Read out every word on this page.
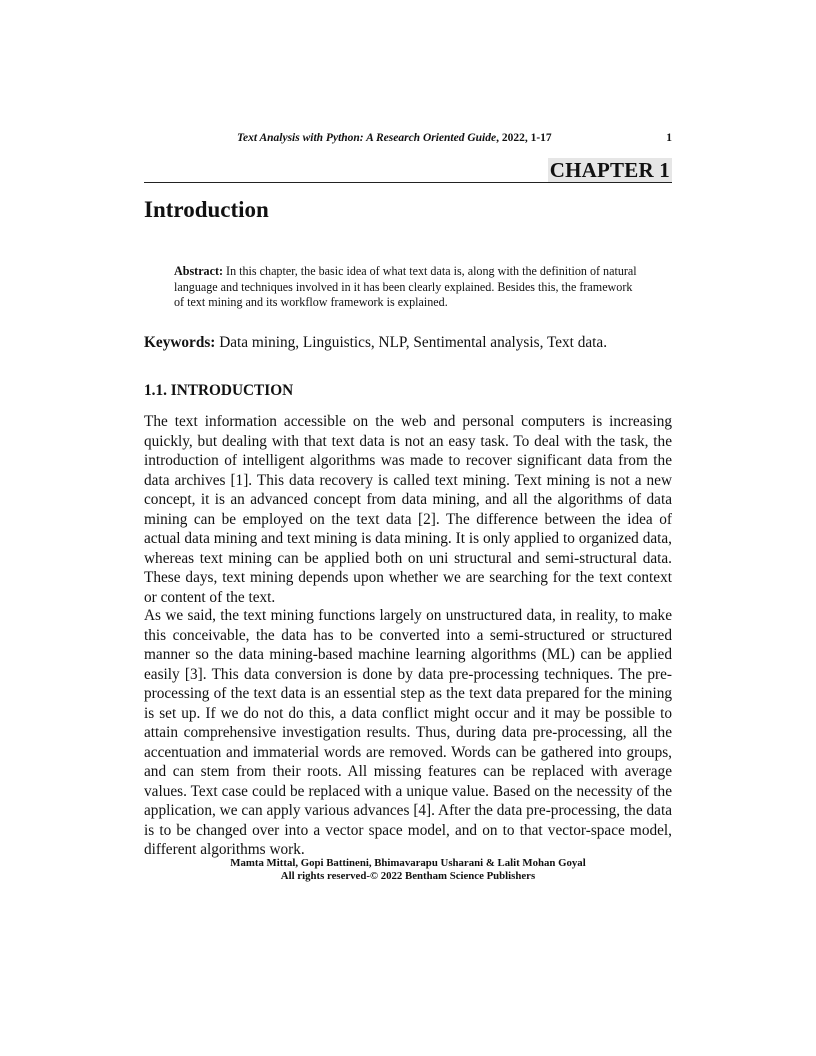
Text Analysis with Python: A Research Oriented Guide, 2022, 1-17	1
CHAPTER 1
Introduction

Abstract: In this chapter, the basic idea of what text data is, along with the definition of natural language and techniques involved in it has been clearly explained. Besides this, the framework of text mining and its workflow framework is explained.

Keywords: Data mining, Linguistics, NLP, Sentimental analysis, Text data.

1.1. INTRODUCTION

The text information accessible on the web and personal computers is increasing quickly, but dealing with that text data is not an easy task. To deal with the task, the introduction of intelligent algorithms was made to recover significant data from the data archives [1]. This data recovery is called text mining. Text mining is not a new concept, it is an advanced concept from data mining, and all the algorithms of data mining can be employed on the text data [2]. The difference between the idea of actual data mining and text mining is data mining. It is only applied to organized data, whereas text mining can be applied both on uni structural and semi-structural data. These days, text mining depends upon whether we are searching for the text context or content of the text.

As we said, the text mining functions largely on unstructured data, in reality, to make this conceivable, the data has to be converted into a semi-structured or structured manner so the data mining-based machine learning algorithms (ML) can be applied easily [3]. This data conversion is done by data pre-processing techniques. The pre-processing of the text data is an essential step as the text data prepared for the mining is set up. If we do not do this, a data conflict might occur and it may be possible to attain comprehensive investigation results. Thus, during data pre-processing, all the accentuation and immaterial words are removed. Words can be gathered into groups, and can stem from their roots. All missing features can be replaced with average values. Text case could be replaced with a unique value. Based on the necessity of the application, we can apply various advances [4]. After the data pre-processing, the data is to be changed over into a vector space model, and on to that vector-space model, different algorithms work.

Mamta Mittal, Gopi Battineni, Bhimavarapu Usharani & Lalit Mohan Goyal
All rights reserved-© 2022 Bentham Science Publishers
